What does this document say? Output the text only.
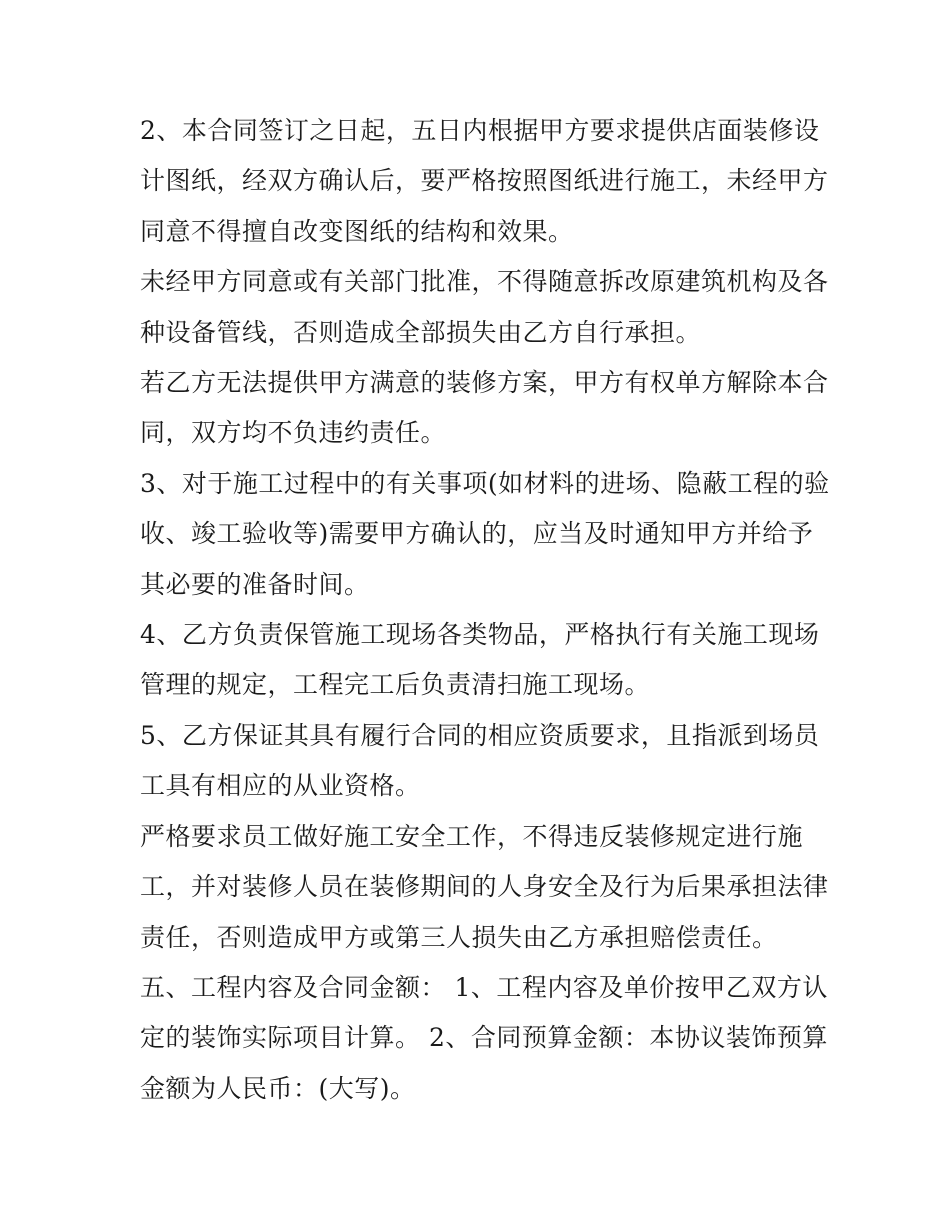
2、本合同签订之日起，五日内根据甲方要求提供店面装修设
计图纸，经双方确认后，要严格按照图纸进行施工，未经甲方
同意不得擅自改变图纸的结构和效果。

未经甲方同意或有关部门批准，不得随意拆改原建筑机构及各
种设备管线，否则造成全部损失由乙方自行承担。

若乙方无法提供甲方满意的装修方案，甲方有权单方解除本合
同，双方均不负违约责任。

3、对于施工过程中的有关事项(如材料的进场、隐蔽工程的验
收、竣工验收等)需要甲方确认的，应当及时通知甲方并给予
其必要的准备时间。

4、乙方负责保管施工现场各类物品，严格执行有关施工现场
管理的规定，工程完工后负责清扫施工现场。

5、乙方保证其具有履行合同的相应资质要求，且指派到场员
工具有相应的从业资格。

严格要求员工做好施工安全工作，不得违反装修规定进行施
工，并对装修人员在装修期间的人身安全及行为后果承担法律
责任，否则造成甲方或第三人损失由乙方承担赔偿责任。

五、工程内容及合同金额： 1、工程内容及单价按甲乙双方认
定的装饰实际项目计算。 2、合同预算金额：本协议装饰预算
金额为人民币：(大写)。
